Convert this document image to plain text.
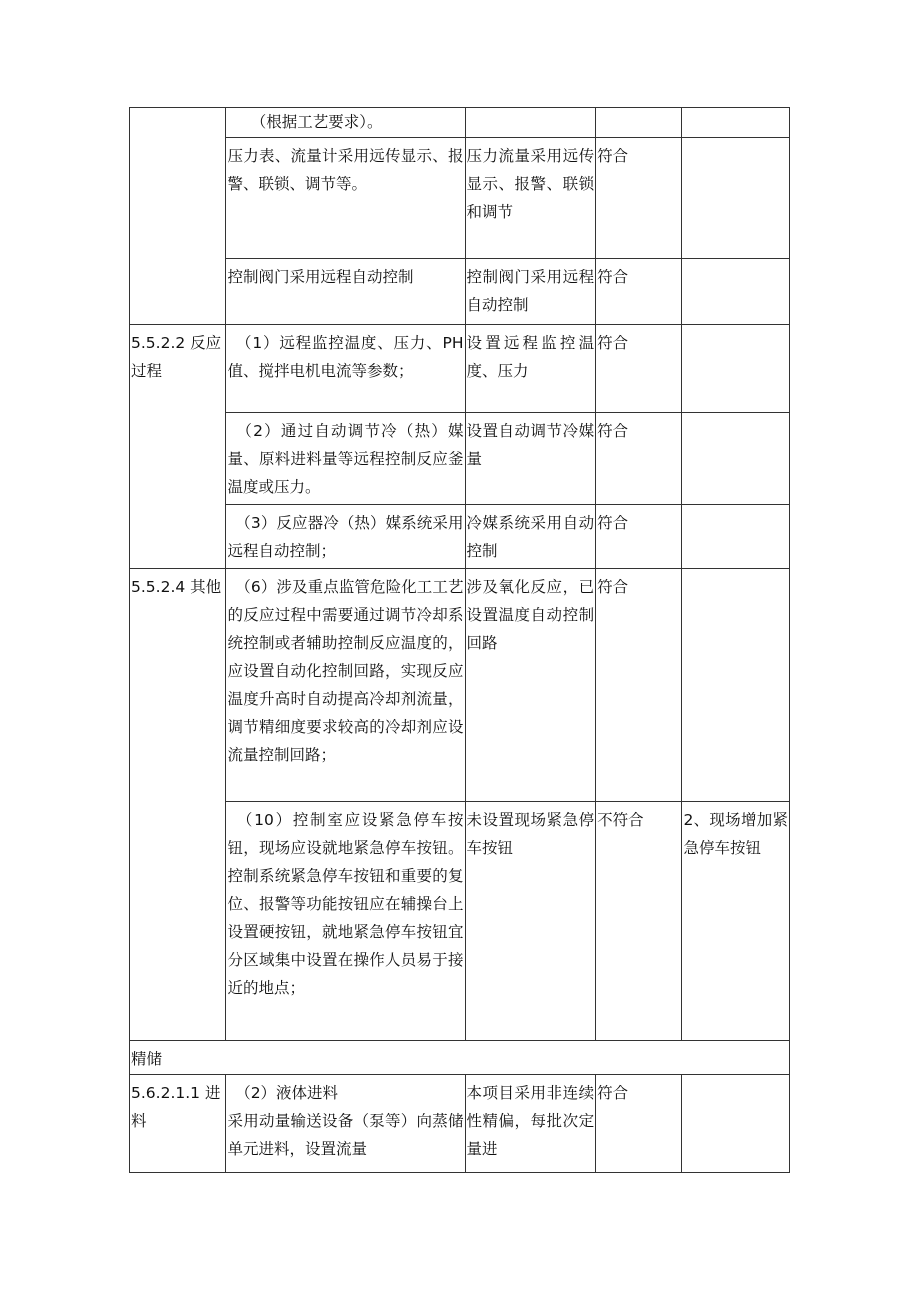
	　　（根据工艺要求）。			
	压力表、流量计采用远传显示、报警、联锁、调节等。	压力流量采用远传显示、报警、联锁和调节	符合	
	控制阀门采用远程自动控制	控制阀门采用远程自动控制	符合	
5.5.2.2 反应过程	　（1）远程监控温度、压力、PH值、搅拌电机电流等参数；	设置远程监控温度、压力	符合	
	　（2）通过自动调节冷（热）媒量、原料进料量等远程控制反应釜温度或压力。	设置自动调节冷媒量	符合	
	　（3）反应器冷（热）媒系统采用远程自动控制；	冷媒系统采用自动控制	符合	
5.5.2.4 其他	　（6）涉及重点监管危险化工工艺的反应过程中需要通过调节冷却系统控制或者辅助控制反应温度的，应设置自动化控制回路，实现反应温度升高时自动提高冷却剂流量，调节精细度要求较高的冷却剂应设流量控制回路；	涉及氧化反应，已设置温度自动控制回路	符合	
	　（10）控制室应设紧急停车按钮，现场应设就地紧急停车按钮。控制系统紧急停车按钮和重要的复位、报警等功能按钮应在辅操台上设置硬按钮，就地紧急停车按钮宜分区域集中设置在操作人员易于接近的地点；	未设置现场紧急停车按钮	不符合	2、现场增加紧急停车按钮
精储				
5.6.2.1.1 进料	　（2）液体进料
采用动量输送设备（泵等）向蒸储单元进料，设置流量	本项目采用非连续性精偏，每批次定量进	符合	
